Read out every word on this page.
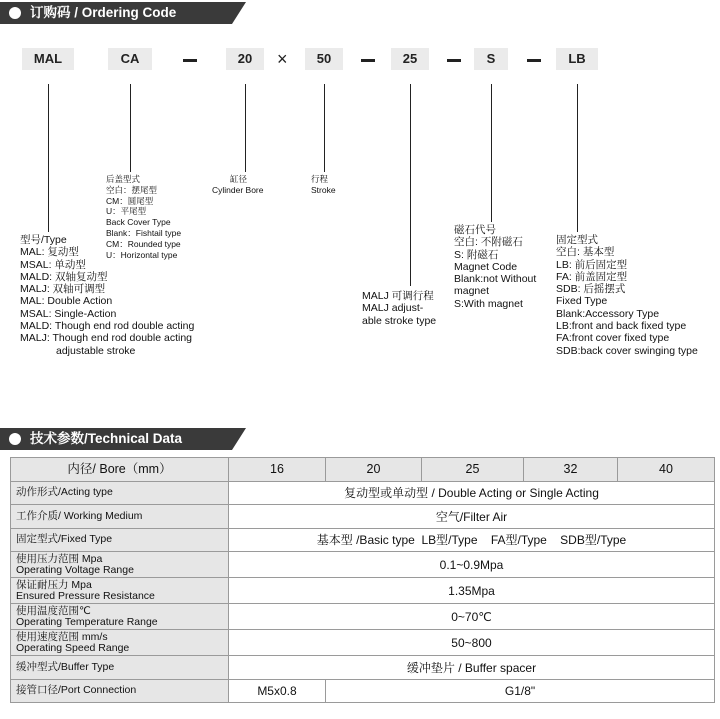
订购码 / Ordering Code
MAL	CA	20	×	50	25	S	LB
型号/Type
MAL: 复动型
MSAL: 单动型
MALD: 双轴复动型
MALJ: 双轴可调型
MAL: Double Action
MSAL: Single-Action
MALD: Though end rod double acting
MALJ: Though end rod double acting
adjustable stroke
后盖型式
空白：摆尾型
CM：圆尾型
U：平尾型
Back Cover Type
Blank：Fishtail type
CM：Rounded type
U：Horizontal type
缸径
Cylinder Bore
行程
Stroke
MALJ 可调行程
MALJ adjust-
able stroke type
磁石代号
空白: 不附磁石
S: 附磁石
Magnet Code
Blank:not Without
magnet
S:With magnet
固定型式
空白: 基本型
LB: 前后固定型
FA: 前盖固定型
SDB: 后摇摆式
Fixed Type
Blank:Accessory Type
LB:front and back fixed type
FA:front cover fixed type
SDB:back cover swinging type
技术参数/Technical Data
内径/ Bore（mm）	16	20	25	32	40

动作形式/Acting type	复动型或单动型 / Double Acting or Single Acting				

工作介质/ Working Medium	空气/Filter Air				

固定型式/Fixed Type	基本型 /Basic type  LB型/Type    FA型/Type    SDB型/Type				

使用压力范围 Mpa
Operating Voltage Range	0.1~0.9Mpa				

保证耐压力 Mpa
Ensured Pressure Resistance	1.35Mpa				

使用温度范围℃
Operating Temperature Range	0~70℃				

使用速度范围 mm/s
Operating Speed Range	50~800				

缓冲型式/Buffer Type	缓冲垫片 / Buffer spacer				
接管口径/Port Connection	M5x0.8	G1/8"			
